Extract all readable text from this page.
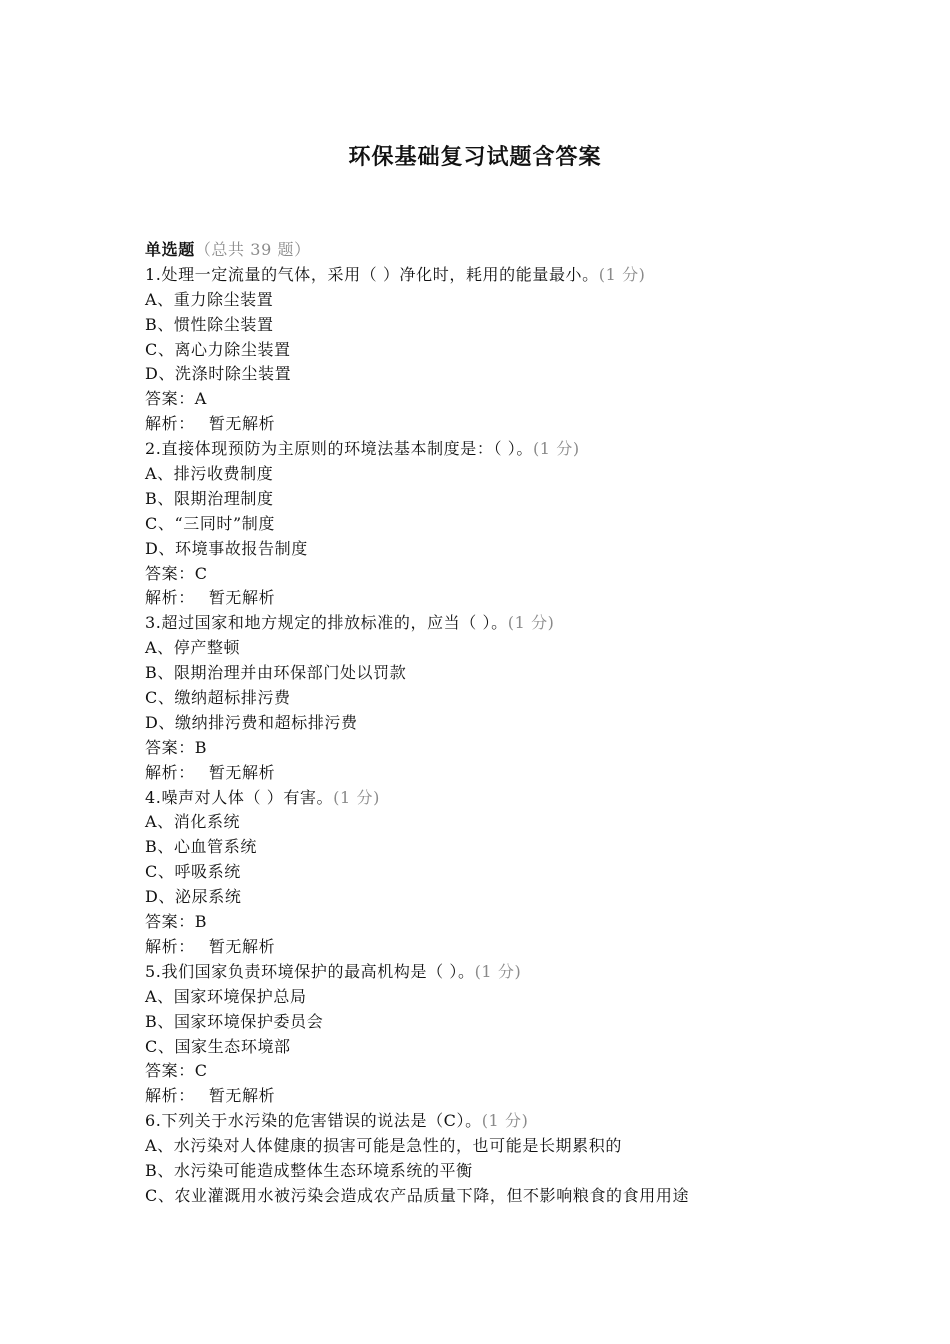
环保基础复习试题含答案
单选题（总共 39 题）
1.处理一定流量的气体，采用（ ）净化时，耗用的能量最小。(1 分)
A、重力除尘装置
B、惯性除尘装置
C、离心力除尘装置
D、洗涤时除尘装置
答案：A
解析： 暂无解析
2.直接体现预防为主原则的环境法基本制度是：（ ）。(1 分)
A、排污收费制度
B、限期治理制度
C、“三同时”制度
D、环境事故报告制度
答案：C
解析： 暂无解析
3.超过国家和地方规定的排放标准的，应当（ ）。(1 分)
A、停产整顿
B、限期治理并由环保部门处以罚款
C、缴纳超标排污费
D、缴纳排污费和超标排污费
答案：B
解析： 暂无解析
4.噪声对人体（ ）有害。(1 分)
A、消化系统
B、心血管系统
C、呼吸系统
D、泌尿系统
答案：B
解析： 暂无解析
5.我们国家负责环境保护的最高机构是（ ）。(1 分)
A、国家环境保护总局
B、国家环境保护委员会
C、国家生态环境部
答案：C
解析： 暂无解析
6.下列关于水污染的危害错误的说法是（C）。(1 分)
A、水污染对人体健康的损害可能是急性的，也可能是长期累积的
B、水污染可能造成整体生态环境系统的平衡
C、农业灌溉用水被污染会造成农产品质量下降，但不影响粮食的食用用途
